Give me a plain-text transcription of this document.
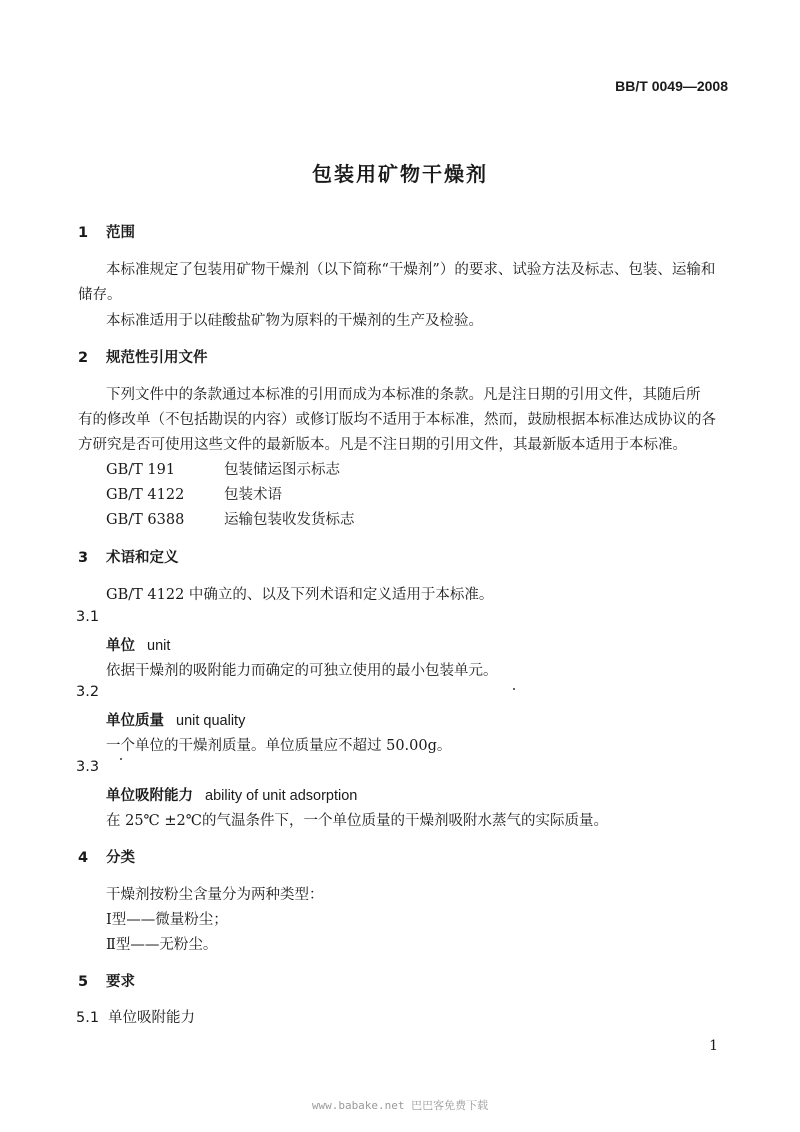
BB/T 0049—2008
包装用矿物干燥剂
1 范围
本标准规定了包装用矿物干燥剂（以下简称“干燥剂”）的要求、试验方法及标志、包装、运输和
储存。
本标准适用于以硅酸盐矿物为原料的干燥剂的生产及检验。
2 规范性引用文件
下列文件中的条款通过本标准的引用而成为本标准的条款。凡是注日期的引用文件，其随后所
有的修改单（不包括勘误的内容）或修订版均不适用于本标准，然而，鼓励根据本标准达成协议的各
方研究是否可使用这些文件的最新版本。凡是不注日期的引用文件，其最新版本适用于本标准。
GB/T 191	包装储运图示标志
GB/T 4122	包装术语
GB/T 6388	运输包装收发货标志
3 术语和定义
GB/T 4122 中确立的、以及下列术语和定义适用于本标准。
3.1
单位 unit
依据干燥剂的吸附能力而确定的可独立使用的最小包装单元。
3.2
单位质量 unit quality
一个单位的干燥剂质量。单位质量应不超过 50.00g。
3.3
单位吸附能力 ability of unit adsorption
在 25℃ ±2℃的气温条件下，一个单位质量的干燥剂吸附水蒸气的实际质量。
4 分类
干燥剂按粉尘含量分为两种类型：
Ⅰ型——微量粉尘；
Ⅱ型——无粉尘。
5 要求
5.1 单位吸附能力
1
www.babake.net 巴巴客免费下载
